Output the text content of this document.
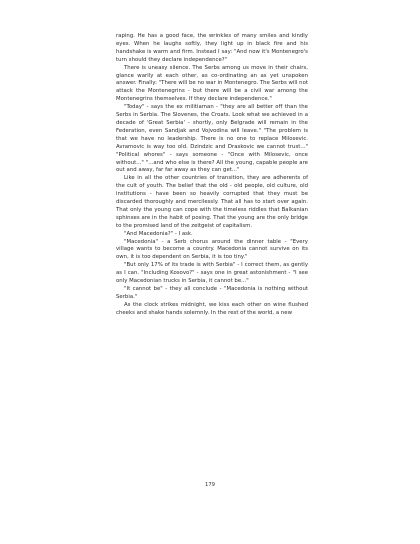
raping. He has a good face, the wrinkles of many smiles and kindly eyes. When he laughs softly, they light up in black fire and his handshake is warm and firm. Instead I say: "And now it's Montenegro's turn should they declare independence?"

There is uneasy silence. The Serbs among us move in their chairs, glance warily at each other, as co-ordinating an as yet unspoken answer. Finally: "There will be no war in Montenegro. The Serbs will not attack the Montenegrins - but there will be a civil war among the Montenegrins themselves. If they declare independence."

"Today" - says the ex militiaman - "they are all better off than the Serbs in Serbia. The Slovenes, the Croats. Look what we achieved in a decade of 'Great Serbia' - shortly, only Belgrade will remain in the Federation, even Sandjak and Vojvodina will leave." "The problem is that we have no leadership. There is no one to replace Milosevic. Avramovic is way too old. Dzindzic and Draskovic we cannot trust..." "Political whores" - says someone - "Once with Milosevic, once without..." "...and who else is there? All the young, capable people are out and away, far far away as they can get..."

Like in all the other countries of transition, they are adherents of the cult of youth. The belief that the old - old people, old culture, old institutions - have been so heavily corrupted that they must be discarded thoroughly and mercilessly. That all has to start over again. That only the young can cope with the timeless riddles that Balkanian sphinxes are in the habit of posing. That the young are the only bridge to the promised land of the zeitgeist of capitalism.

"And Macedonia?" - I ask.

"Macedonia" - a Serb chorus around the dinner table - "Every village wants to become a country. Macedonia cannot survive on its own, it is too dependent on Serbia, it is too tiny."

"But only 17% of its trade is with Serbia" - I correct them, as gently as I can. "Including Kosovo?" - says one in great astonishment - "I see only Macedonian trucks in Serbia, it cannot be..."

"It cannot be" - they all conclude - "Macedonia is nothing without Serbia."

As the clock strikes midnight, we kiss each other on wine flushed cheeks and shake hands solemnly. In the rest of the world, a new

179
